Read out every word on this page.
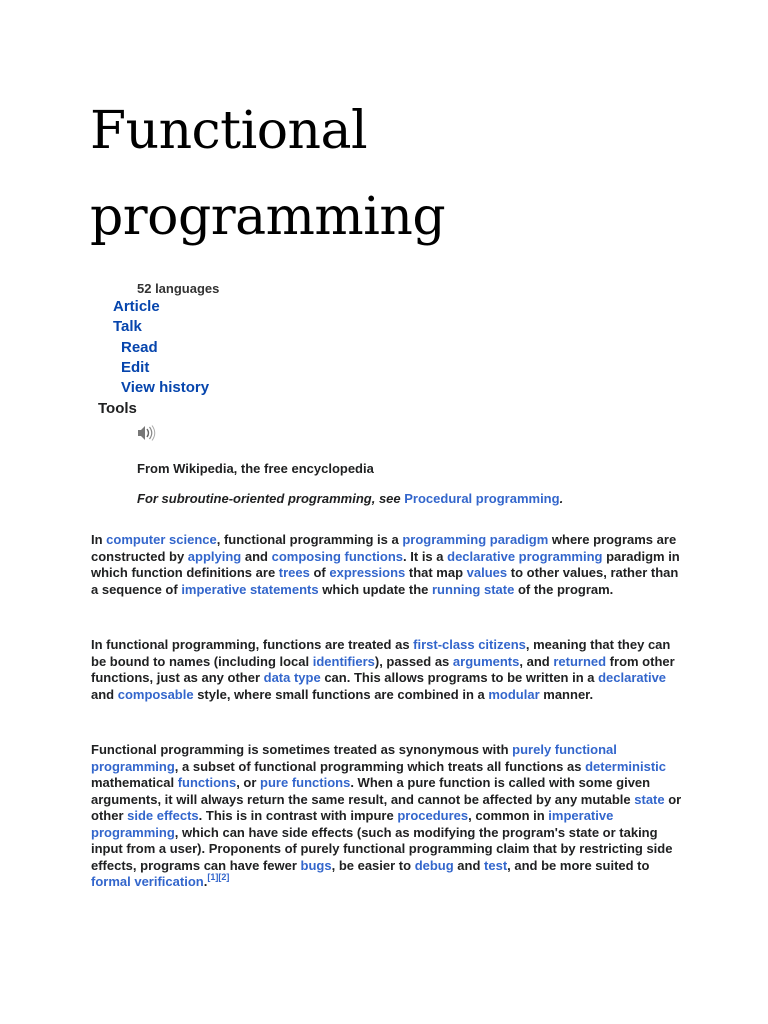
Functional
programming
52 languages
Article
Talk
Read
Edit
View history
Tools
From Wikipedia, the free encyclopedia
For subroutine-oriented programming, see Procedural programming.

In computer science, functional programming is a programming paradigm where programs are constructed by applying and composing functions. It is a declarative programming paradigm in which function definitions are trees of expressions that map values to other values, rather than a sequence of imperative statements which update the running state of the program.

In functional programming, functions are treated as first-class citizens, meaning that they can be bound to names (including local identifiers), passed as arguments, and returned from other functions, just as any other data type can. This allows programs to be written in a declarative and composable style, where small functions are combined in a modular manner.

Functional programming is sometimes treated as synonymous with purely functional programming, a subset of functional programming which treats all functions as deterministic mathematical functions, or pure functions. When a pure function is called with some given arguments, it will always return the same result, and cannot be affected by any mutable state or other side effects. This is in contrast with impure procedures, common in imperative programming, which can have side effects (such as modifying the program's state or taking input from a user). Proponents of purely functional programming claim that by restricting side effects, programs can have fewer bugs, be easier to debug and test, and be more suited to formal verification.[1][2]
